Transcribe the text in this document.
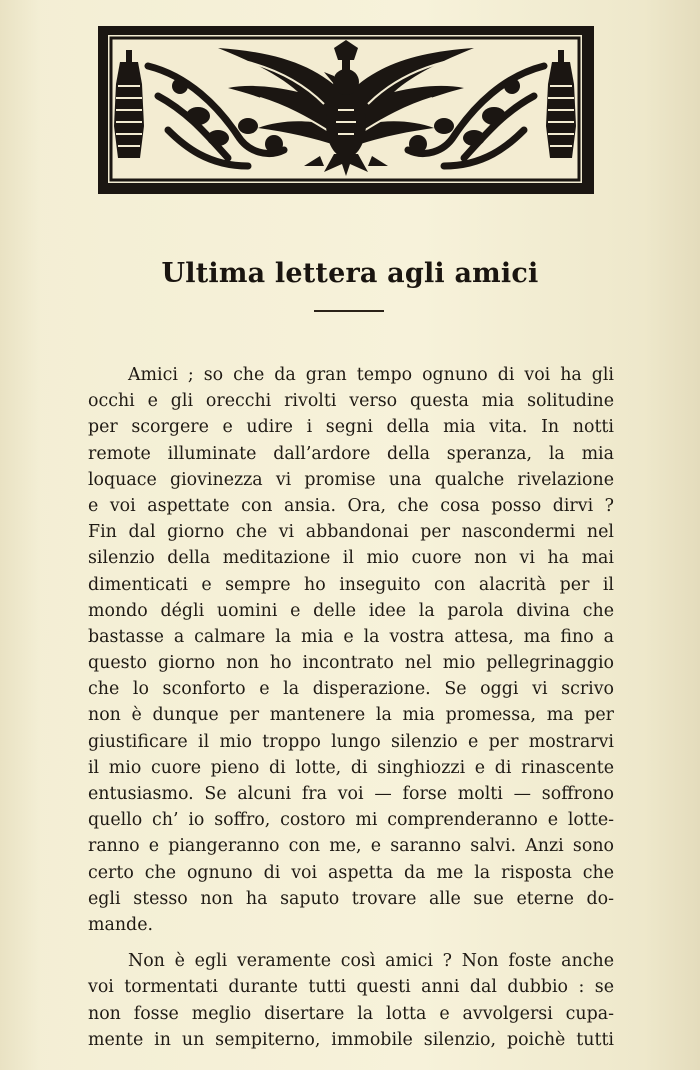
Ultima lettera agli amici
Amici ; so che da gran tempo ognuno di voi ha gli
occhi e gli orecchi rivolti verso questa mia solitudine
per scorgere e udire i segni della mia vita. In notti
remote illuminate dall’ardore della speranza, la mia
loquace giovinezza vi promise una qualche rivelazione
e voi aspettate con ansia. Ora, che cosa posso dirvi ?
Fin dal giorno che vi abbandonai per nascondermi nel
silenzio della meditazione il mio cuore non vi ha mai
dimenticati e sempre ho inseguito con alacrità per il
mondo dégli uomini e delle idee la parola divina che
bastasse a calmare la mia e la vostra attesa, ma fino a
questo giorno non ho incontrato nel mio pellegrinaggio
che lo sconforto e la disperazione. Se oggi vi scrivo
non è dunque per mantenere la mia promessa, ma per
giustificare il mio troppo lungo silenzio e per mostrarvi
il mio cuore pieno di lotte, di singhiozzi e di rinascente
entusiasmo. Se alcuni fra voi — forse molti — soffrono
quello ch’ io soffro, costoro mi comprenderanno e lotte-
ranno e piangeranno con me, e saranno salvi. Anzi sono
certo che ognuno di voi aspetta da me la risposta che
egli stesso non ha saputo trovare alle sue eterne do-
mande.
Non è egli veramente così amici ? Non foste anche
voi tormentati durante tutti questi anni dal dubbio : se
non fosse meglio disertare la lotta e avvolgersi cupa-
mente in un sempiterno, immobile silenzio, poichè tutti
